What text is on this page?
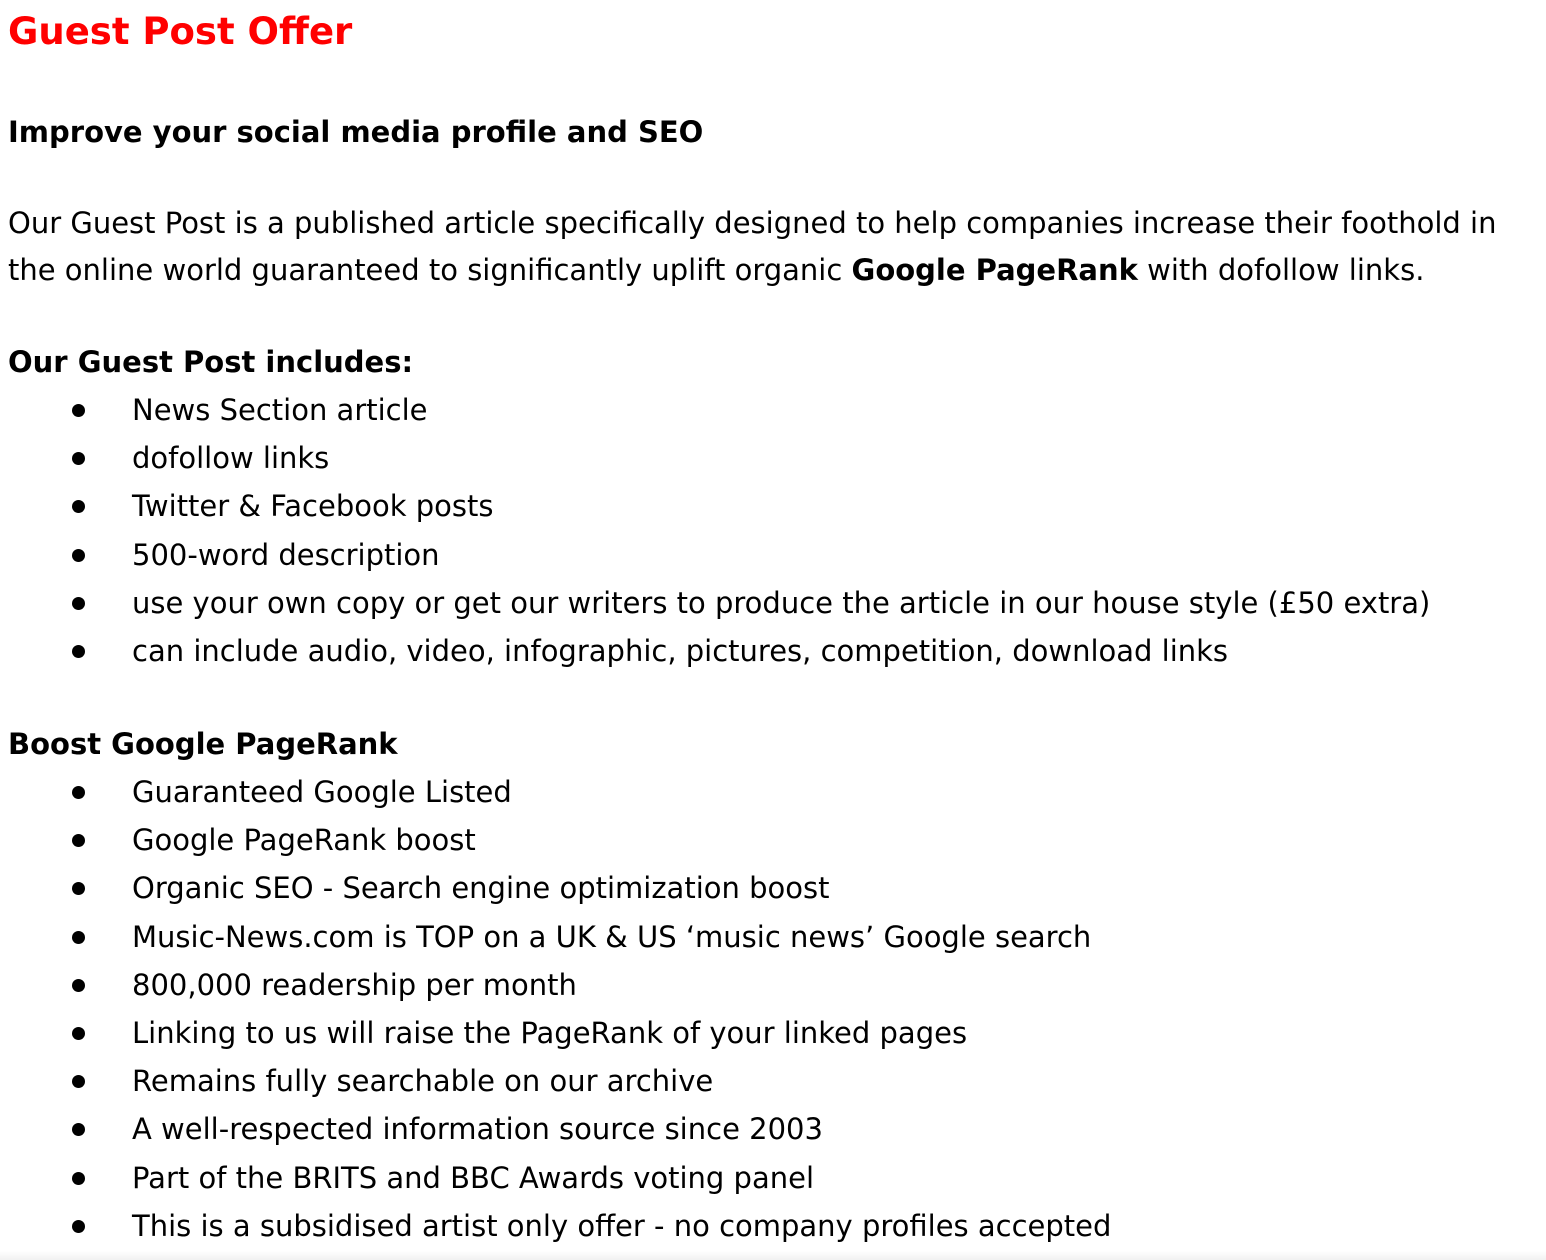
Guest Post Offer
Improve your social media profile and SEO

Our Guest Post is a published article specifically designed to help companies increase their foothold in the online world guaranteed to significantly uplift organic Google PageRank with dofollow links.

Our Guest Post includes:
News Section article
dofollow links
Twitter & Facebook posts
500-word description
use your own copy or get our writers to produce the article in our house style (£50 extra)
can include audio, video, infographic, pictures, competition, download links
Boost Google PageRank
Guaranteed Google Listed
Google PageRank boost
Organic SEO - Search engine optimization boost
Music-News.com is TOP on a UK & US ‘music news’ Google search
800,000 readership per month
Linking to us will raise the PageRank of your linked pages
Remains fully searchable on our archive
A well-respected information source since 2003
Part of the BRITS and BBC Awards voting panel
This is a subsidised artist only offer - no company profiles accepted
